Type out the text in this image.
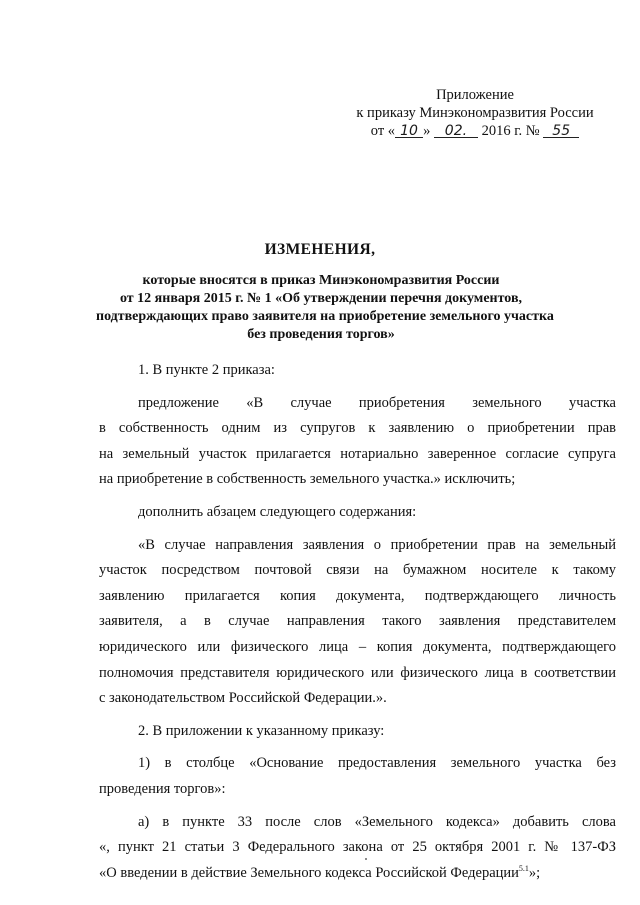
Приложение
к приказу Минэкономразвития России
от « 10 » 02. 2016 г. № 55
ИЗМЕНЕНИЯ,
которые вносятся в приказ Минэкономразвития России
от 12 января 2015 г. № 1 «Об утверждении перечня документов,
подтверждающих право заявителя на приобретение земельного участка
без проведения торгов»

1. В пункте 2 приказа:

предложение «В случае приобретения земельного участка
в собственность одним из супругов к заявлению о приобретении прав
на земельный участок прилагается нотариально заверенное согласие супруга
на приобретение в собственность земельного участка.» исключить;

дополнить абзацем следующего содержания:

«В случае направления заявления о приобретении прав на земельный
участок посредством почтовой связи на бумажном носителе к такому
заявлению прилагается копия документа, подтверждающего личность
заявителя, а в случае направления такого заявления представителем
юридического или физического лица – копия документа, подтверждающего
полномочия представителя юридического или физического лица в соответствии
с законодательством Российской Федерации.».

2. В приложении к указанному приказу:

1) в столбце «Основание предоставления земельного участка без
проведения торгов»:

а) в пункте 33 после слов «Земельного кодекса» добавить слова
«, пункт 21 статьи 3 Федерального закона от 25 октября 2001 г. № 137-ФЗ
«О введении в действие Земельного кодекса Российской Федерации$^{5.1}$»;
